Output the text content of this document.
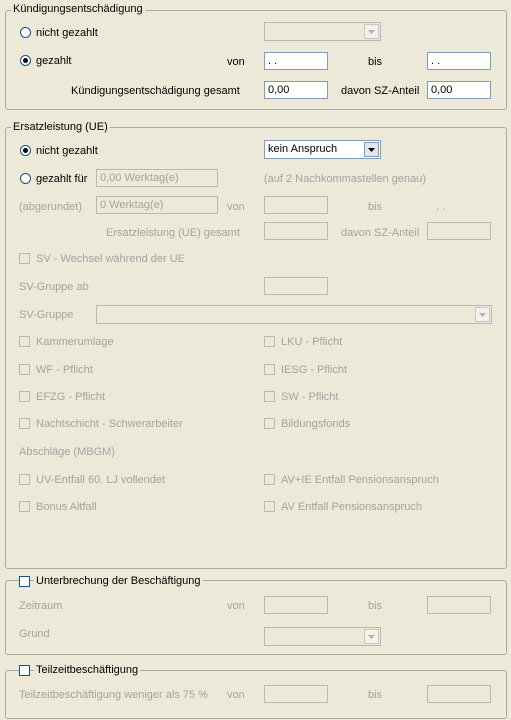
Kündigungsentschädigung
nicht gezahlt
gezahlt	von	. .	bis	. .
Kündigungsentschädigung gesamt	0,00	davon SZ-Anteil	0,00
Ersatzleistung (UE)
nicht gezahlt	kein Anspruch
gezahlt für	0,00 Werktag(e)	(auf 2 Nachkommastellen genau)
(abgerundet)	0 Werktag(e)	von	bis	. .
Ersatzleistung (UE) gesamt	davon SZ-Anteil
SV - Wechsel während der UE
SV-Gruppe ab
SV-Gruppe
Kammerumlage	LKU - Pflicht
WF - Pflicht	IESG - Pflicht
EFZG - Pflicht	SW - Pflicht
Nachtschicht - Schwerarbeiter	Bildungsfonds
Abschläge (MBGM)
UV-Entfall 60. LJ vollendet	AV+IE Entfall Pensionsanspruch
Bonus Altfall	AV Entfall Pensionsanspruch
Unterbrechung der Beschäftigung
Zeitraum	von	bis
Grund
Teilzeitbeschäftigung
Teilzeitbeschäftigung weniger als 75 % von	bis
